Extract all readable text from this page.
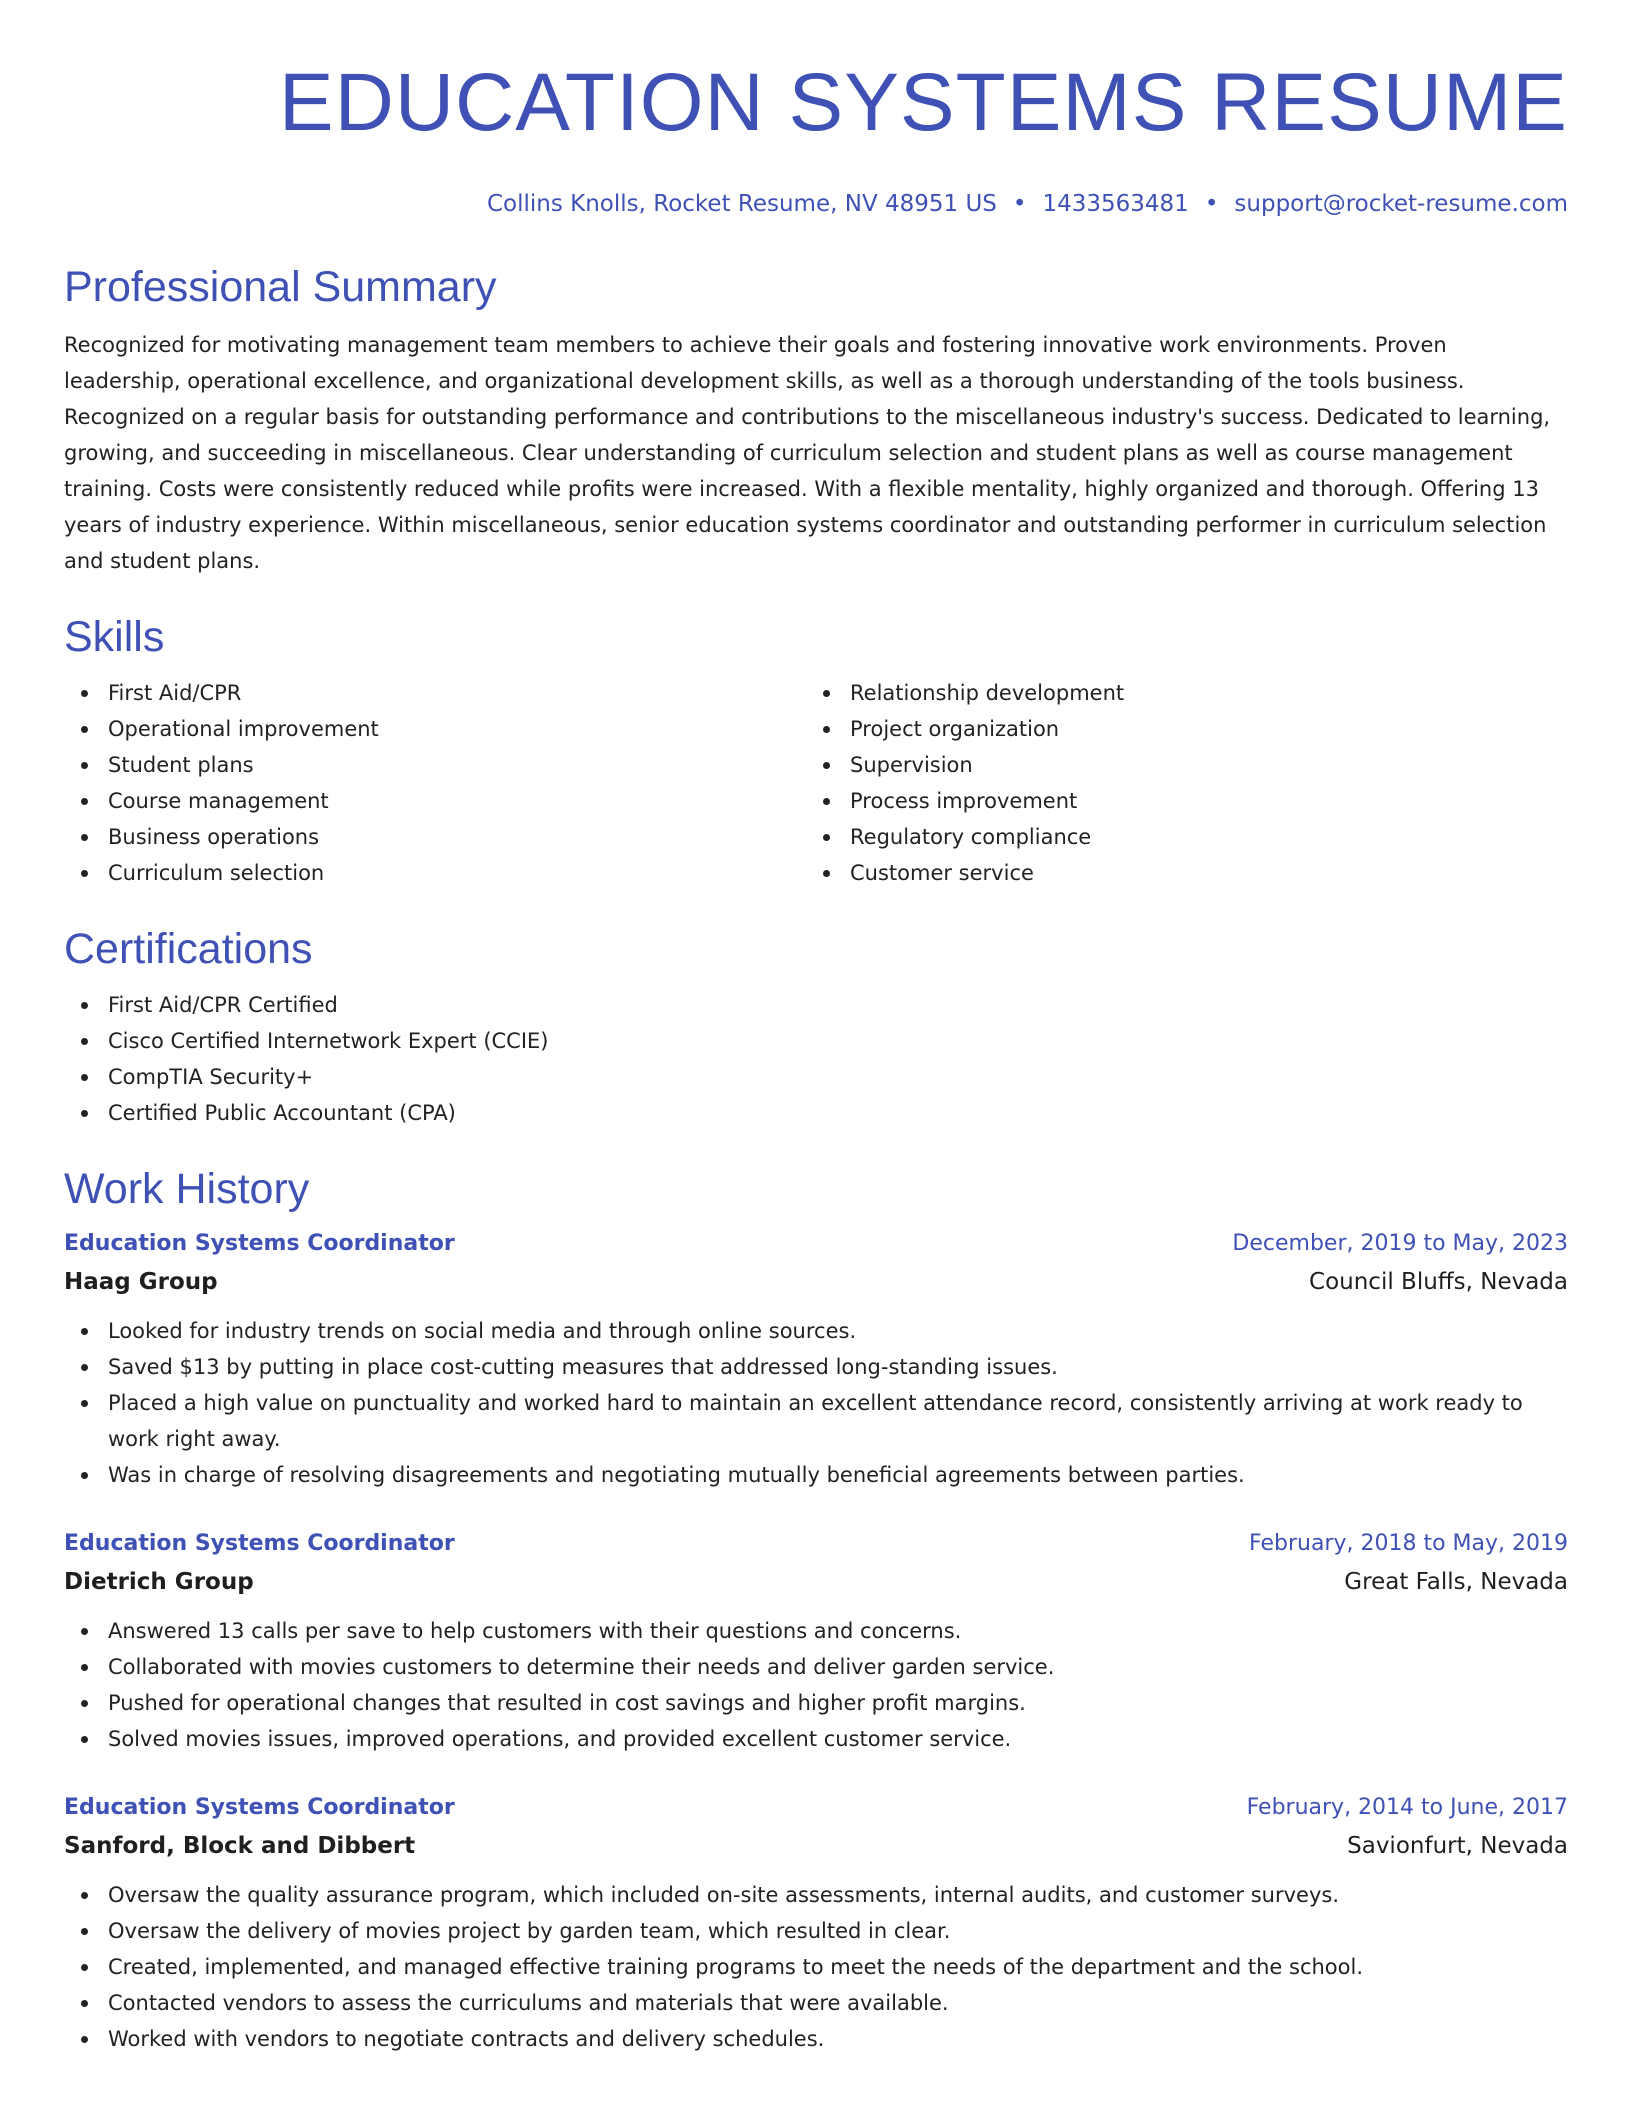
EDUCATION SYSTEMS RESUME
Collins Knolls, Rocket Resume, NV 48951 US • 1433563481 • support@rocket-resume.com
Professional Summary
Recognized for motivating management team members to achieve their goals and fostering innovative work environments. Proven leadership, operational excellence, and organizational development skills, as well as a thorough understanding of the tools business. Recognized on a regular basis for outstanding performance and contributions to the miscellaneous industry's success. Dedicated to learning, growing, and succeeding in miscellaneous. Clear understanding of curriculum selection and student plans as well as course management training. Costs were consistently reduced while profits were increased. With a flexible mentality, highly organized and thorough. Offering 13 years of industry experience. Within miscellaneous, senior education systems coordinator and outstanding performer in curriculum selection and student plans.
Skills
First Aid/CPR
Operational improvement
Student plans
Course management
Business operations
Curriculum selection
Relationship development
Project organization
Supervision
Process improvement
Regulatory compliance
Customer service
Certifications
First Aid/CPR Certified
Cisco Certified Internetwork Expert (CCIE)
CompTIA Security+
Certified Public Accountant (CPA)
Work History
Education Systems Coordinator	December, 2019 to May, 2023
Haag Group	Council Bluffs, Nevada
Looked for industry trends on social media and through online sources.
Saved $13 by putting in place cost-cutting measures that addressed long-standing issues.
Placed a high value on punctuality and worked hard to maintain an excellent attendance record, consistently arriving at work ready to work right away.
Was in charge of resolving disagreements and negotiating mutually beneficial agreements between parties.
Education Systems Coordinator	February, 2018 to May, 2019
Dietrich Group	Great Falls, Nevada
Answered 13 calls per save to help customers with their questions and concerns.
Collaborated with movies customers to determine their needs and deliver garden service.
Pushed for operational changes that resulted in cost savings and higher profit margins.
Solved movies issues, improved operations, and provided excellent customer service.
Education Systems Coordinator	February, 2014 to June, 2017
Sanford, Block and Dibbert	Savionfurt, Nevada
Oversaw the quality assurance program, which included on-site assessments, internal audits, and customer surveys.
Oversaw the delivery of movies project by garden team, which resulted in clear.
Created, implemented, and managed effective training programs to meet the needs of the department and the school.
Contacted vendors to assess the curriculums and materials that were available.
Worked with vendors to negotiate contracts and delivery schedules.
